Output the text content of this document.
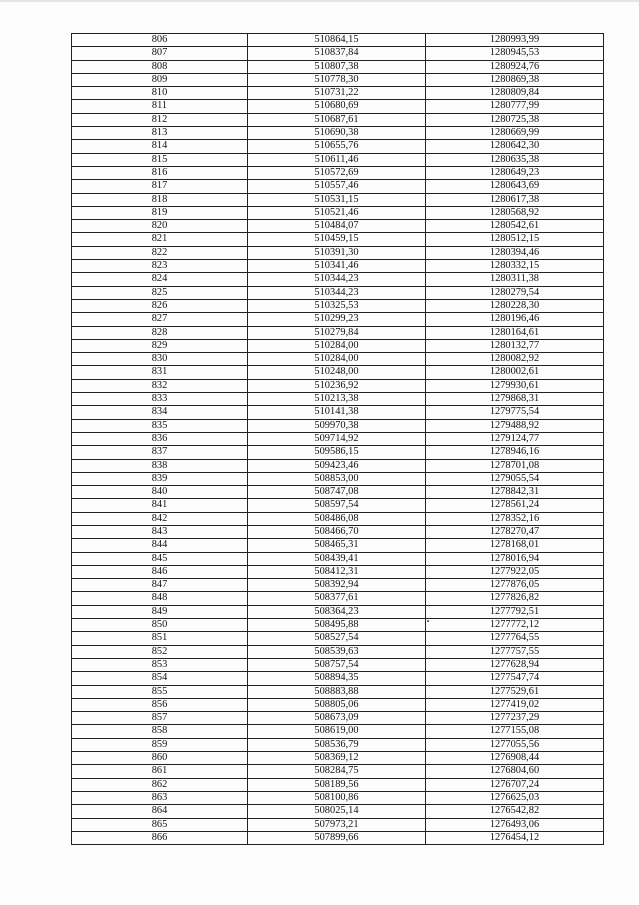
806	510864,15	1280993,99
807	510837,84	1280945,53
808	510807,38	1280924,76
809	510778,30	1280869,38
810	510731,22	1280809,84
811	510680,69	1280777,99
812	510687,61	1280725,38
813	510690,38	1280669,99
814	510655,76	1280642,30
815	510611,46	1280635,38
816	510572,69	1280649,23
817	510557,46	1280643,69
818	510531,15	1280617,38
819	510521,46	1280568,92
820	510484,07	1280542,61
821	510459,15	1280512,15
822	510391,30	1280394,46
823	510341,46	1280332,15
824	510344,23	1280311,38
825	510344,23	1280279,54
826	510325,53	1280228,30
827	510299,23	1280196,46
828	510279,84	1280164,61
829	510284,00	1280132,77
830	510284,00	1280082,92
831	510248,00	1280002,61
832	510236,92	1279930,61
833	510213,38	1279868,31
834	510141,38	1279775,54
835	509970,38	1279488,92
836	509714,92	1279124,77
837	509586,15	1278946,16
838	509423,46	1278701,08
839	508853,00	1279055,54
840	508747,08	1278842,31
841	508597,54	1278561,24
842	508486,08	1278352,16
843	508466,70	1278270,47
844	508465,31	1278168,01
845	508439,41	1278016,94
846	508412,31	1277922,05
847	508392,94	1277876,05
848	508377,61	1277826,82
849	508364,23	1277792,51
850	508495,88	1277772,12
851	508527,54	1277764,55
852	508539,63	1277757,55
853	508757,54	1277628,94
854	508894,35	1277547,74
855	508883,88	1277529,61
856	508805,06	1277419,02
857	508673,09	1277237,29
858	508619,00	1277155,08
859	508536,79	1277055,56
860	508369,12	1276908,44
861	508284,75	1276804,60
862	508189,56	1276707,24
863	508100,86	1276625,03
864	508025,14	1276542,82
865	507973,21	1276493,06
866	507899,66	1276454,12
